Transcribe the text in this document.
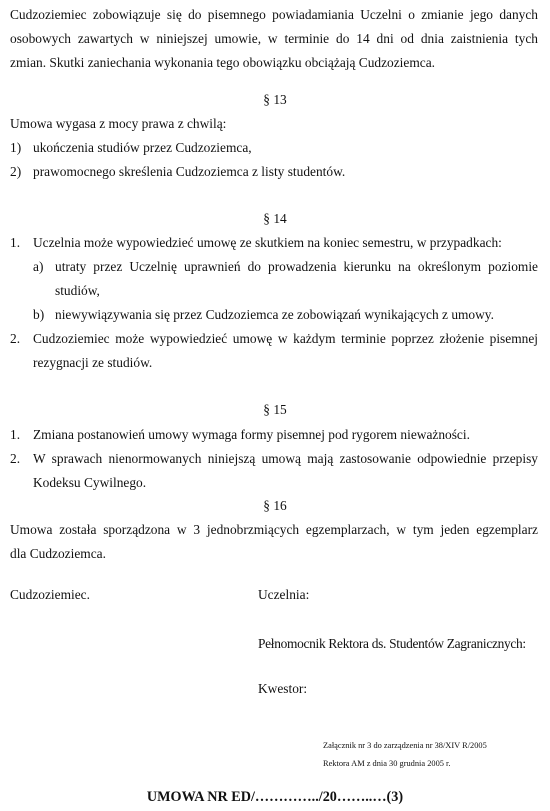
Cudzoziemiec zobowiązuje się do pisemnego powiadamiania Uczelni o zmianie jego danych
osobowych zawartych w niniejszej umowie, w terminie do 14 dni od dnia zaistnienia tych
zmian. Skutki zaniechania wykonania tego obowiązku obciążają Cudzoziemca.
§ 13
Umowa wygasa z mocy prawa z chwilą:
1) ukończenia studiów przez Cudzoziemca,
2) prawomocnego skreślenia Cudzoziemca z listy studentów.
§ 14
1. Uczelnia może wypowiedzieć umowę ze skutkiem na koniec semestru, w przypadkach:
a) utraty przez Uczelnię uprawnień do prowadzenia kierunku na określonym poziomie
studiów,
b) niewywiązywania się przez Cudzoziemca ze zobowiązań wynikających z umowy.
2. Cudzoziemiec może wypowiedzieć umowę w każdym terminie poprzez złożenie pisemnej
rezygnacji ze studiów.
§ 15
1. Zmiana postanowień umowy wymaga formy pisemnej pod rygorem nieważności.
2. W sprawach nienormowanych niniejszą umową mają zastosowanie odpowiednie przepisy
Kodeksu Cywilnego.
§ 16
Umowa została sporządzona w 3 jednobrzmiących egzemplarzach, w tym jeden egzemplarz
dla Cudzoziemca.
Cudzoziemiec.	Uczelnia:
Pełnomocnik Rektora ds. Studentów Zagranicznych:
Kwestor:
Załącznik nr 3 do zarządzenia nr 38/XIV R/2005
Rektora AM z dnia 30 grudnia 2005 r.
UMOWA NR ED/…………../20……..…(3)
